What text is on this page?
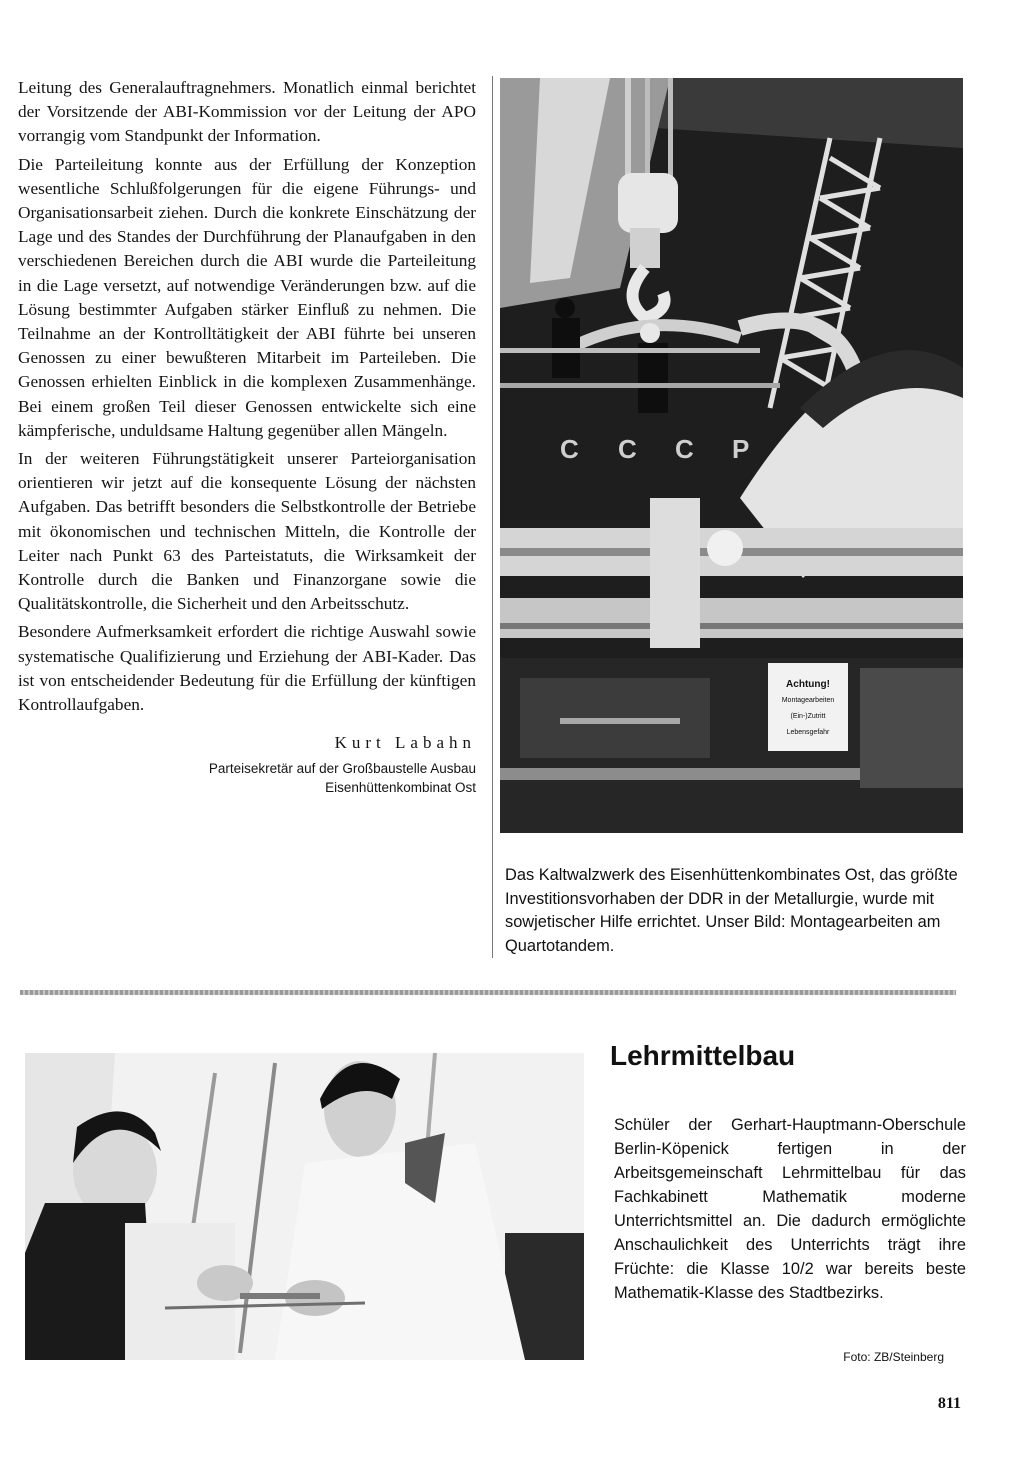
Leitung des Generalauftragnehmers. Monatlich einmal berichtet der Vorsitzende der ABI-Kommission vor der Leitung der APO vorrangig vom Standpunkt der Information.

Die Parteileitung konnte aus der Erfüllung der Konzeption wesentliche Schlußfolgerungen für die eigene Führungs- und Organisationsarbeit ziehen. Durch die konkrete Einschätzung der Lage und des Standes der Durchführung der Planaufgaben in den verschiedenen Bereichen durch die ABI wurde die Parteileitung in die Lage versetzt, auf notwendige Veränderungen bzw. auf die Lösung bestimmter Aufgaben stärker Einfluß zu nehmen. Die Teilnahme an der Kontrolltätigkeit der ABI führte bei unseren Genossen zu einer bewußteren Mitarbeit im Parteileben. Die Genossen erhielten Einblick in die komplexen Zusammenhänge. Bei einem großen Teil dieser Genossen entwickelte sich eine kämpferische, unduldsame Haltung gegenüber allen Mängeln.

In der weiteren Führungstätigkeit unserer Parteiorganisation orientieren wir jetzt auf die konsequente Lösung der nächsten Aufgaben. Das betrifft besonders die Selbstkontrolle der Betriebe mit ökonomischen und technischen Mitteln, die Kontrolle der Leiter nach Punkt 63 des Parteistatuts, die Wirksamkeit der Kontrolle durch die Banken und Finanzorgane sowie die Qualitätskontrolle, die Sicherheit und den Arbeitsschutz.

Besondere Aufmerksamkeit erfordert die richtige Auswahl sowie systematische Qualifizierung und Erziehung der ABI-Kader. Das ist von entscheidender Bedeutung für die Erfüllung der künftigen Kontrollaufgaben.

Kurt Labahn
Parteisekretär auf der Großbaustelle Ausbau
Eisenhüttenkombinat Ost
C C C P
Achtung!
Montagearbeiten
(Ein-)Zutritt
Lebensgefahr
Das Kaltwalzwerk des Eisenhüttenkombinates Ost, das größte Investitionsvorhaben der DDR in der Metallurgie, wurde mit sowjetischer Hilfe errichtet. Unser Bild: Montagearbeiten am Quartotandem.
Lehrmittelbau
Schüler der Gerhart-Hauptmann-Oberschule Berlin-Köpenick fertigen in der Arbeitsgemeinschaft Lehrmittelbau für das Fachkabinett Mathematik moderne Unterrichtsmittel an. Die dadurch ermöglichte Anschaulichkeit des Unterrichts trägt ihre Früchte: die Klasse 10/2 war bereits beste Mathematik-Klasse des Stadtbezirks.
Foto: ZB/Steinberg
811
